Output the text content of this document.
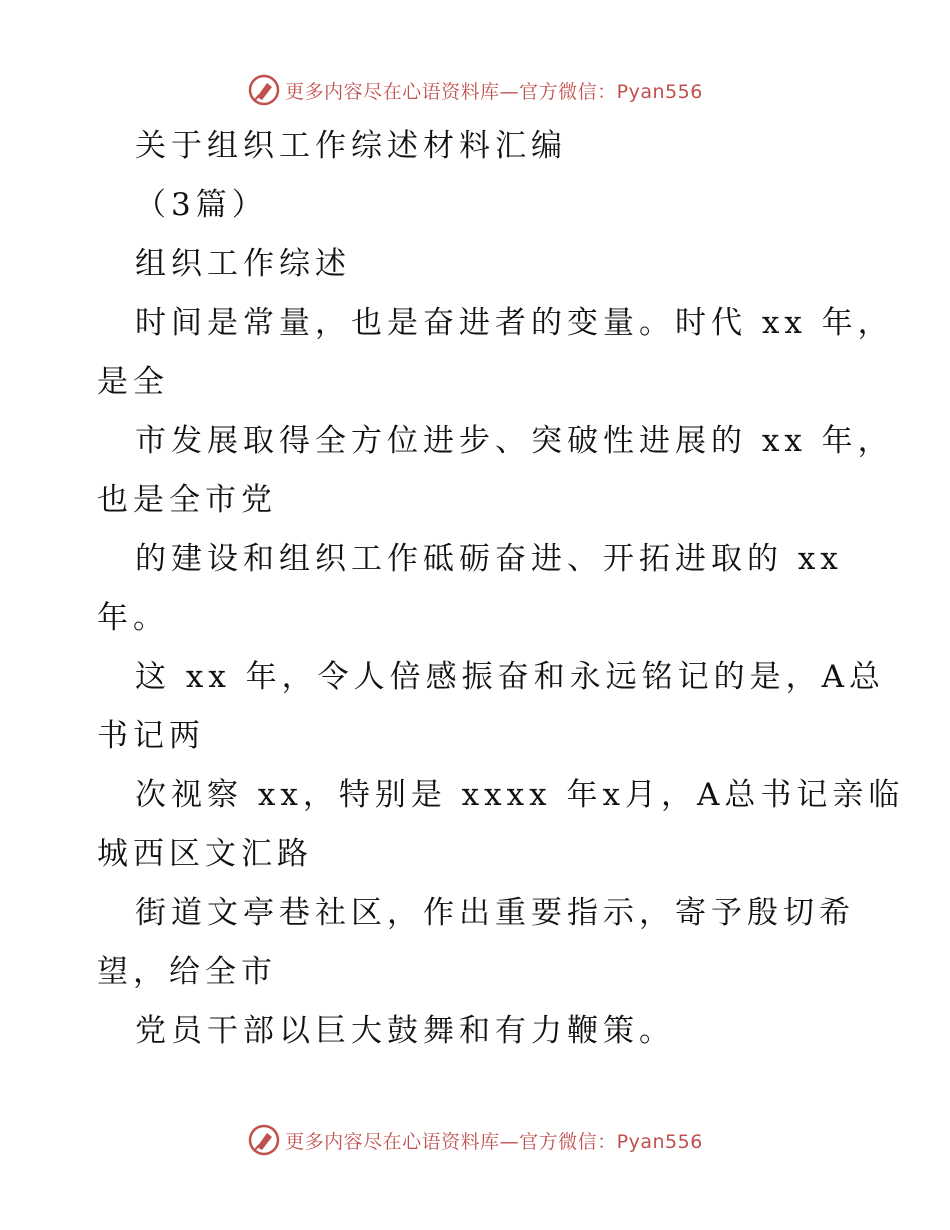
更多内容尽在心语资料库—官方微信：Pyan556
关于组织工作综述材料汇编
（3篇）
组织工作综述
时间是常量，也是奋进者的变量。时代 xx 年，
是全
市发展取得全方位进步、突破性进展的 xx 年，
也是全市党
的建设和组织工作砥砺奋进、开拓进取的 xx
年。
这 xx 年，令人倍感振奋和永远铭记的是，A总
书记两
次视察 xx，特别是 xxxx 年x月，A总书记亲临
城西区文汇路
街道文亭巷社区，作出重要指示，寄予殷切希
望，给全市
党员干部以巨大鼓舞和有力鞭策。
更多内容尽在心语资料库—官方微信：Pyan556
